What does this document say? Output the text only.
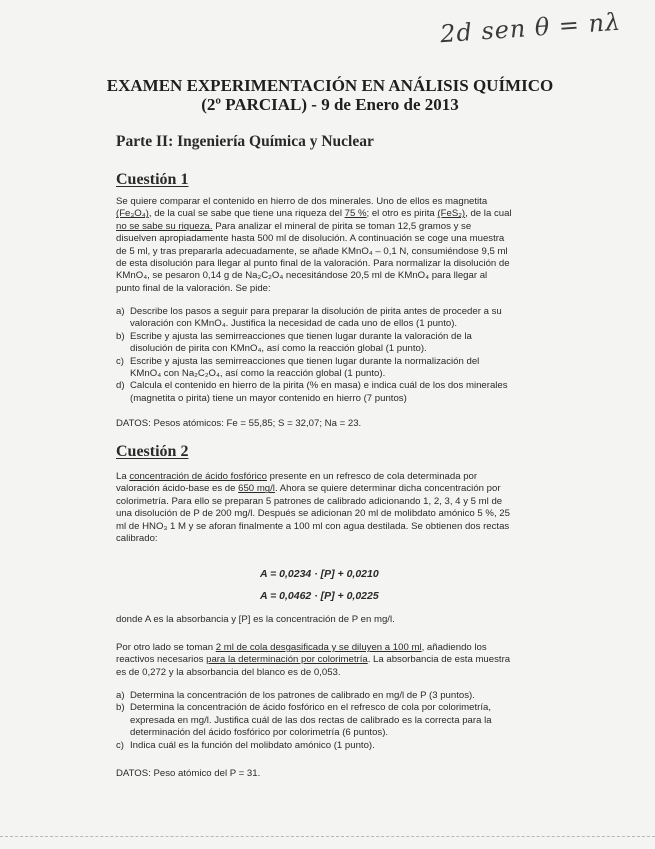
2d sen θ = nλ
EXAMEN EXPERIMENTACIÓN EN ANÁLISIS QUÍMICO
(2º PARCIAL) - 9 de Enero de 2013
Parte II: Ingeniería Química y Nuclear
Cuestión 1
Se quiere comparar el contenido en hierro de dos minerales. Uno de ellos es magnetita
(Fe₃O₄), de la cual se sabe que tiene una riqueza del 75 %; el otro es pirita (FeS₂), de la cual
no se sabe su riqueza. Para analizar el mineral de pirita se toman 12,5 gramos y se
disuelven apropiadamente hasta 500 ml de disolución. A continuación se coge una muestra
de 5 ml, y tras prepararla adecuadamente, se añade KMnO₄ – 0,1 N, consumiéndose 9,5 ml
de esta disolución para llegar al punto final de la valoración. Para normalizar la disolución de
KMnO₄, se pesaron 0,14 g de Na₂C₂O₄ necesitándose 20,5 ml de KMnO₄ para llegar al
punto final de la valoración. Se pide:
a) Describe los pasos a seguir para preparar la disolución de pirita antes de proceder a su
valoración con KMnO₄. Justifica la necesidad de cada uno de ellos (1 punto).
b) Escribe y ajusta las semirreacciones que tienen lugar durante la valoración de la
disolución de pirita con KMnO₄, así como la reacción global (1 punto).
c) Escribe y ajusta las semirreacciones que tienen lugar durante la normalización del
KMnO₄ con Na₂C₂O₄, así como la reacción global (1 punto).
d) Calcula el contenido en hierro de la pirita (% en masa) e indica cuál de los dos minerales
(magnetita o pirita) tiene un mayor contenido en hierro (7 puntos)
DATOS: Pesos atómicos: Fe = 55,85; S = 32,07; Na = 23.
Cuestión 2
La concentración de ácido fosfórico presente en un refresco de cola determinada por
valoración ácido-base es de 650 mg/l. Ahora se quiere determinar dicha concentración por
colorimetría. Para ello se preparan 5 patrones de calibrado adicionando 1, 2, 3, 4 y 5 ml de
una disolución de P de 200 mg/l. Después se adicionan 20 ml de molibdato amónico 5 %, 25
ml de HNO₃ 1 M y se aforan finalmente a 100 ml con agua destilada. Se obtienen dos rectas
calibrado:
A = 0,0234 · [P] + 0,0210
A = 0,0462 · [P] + 0,0225
donde A es la absorbancia y [P] es la concentración de P en mg/l.
Por otro lado se toman 2 ml de cola desgasificada y se diluyen a 100 ml, añadiendo los
reactivos necesarios para la determinación por colorimetría. La absorbancia de esta muestra
es de 0,272 y la absorbancia del blanco es de 0,053.
a) Determina la concentración de los patrones de calibrado en mg/l de P (3 puntos).
b) Determina la concentración de ácido fosfórico en el refresco de cola por colorimetría,
expresada en mg/l. Justifica cuál de las dos rectas de calibrado es la correcta para la
determinación del ácido fosfórico por colorimetría (6 puntos).
c) Indica cuál es la función del molibdato amónico (1 punto).
DATOS: Peso atómico del P = 31.
